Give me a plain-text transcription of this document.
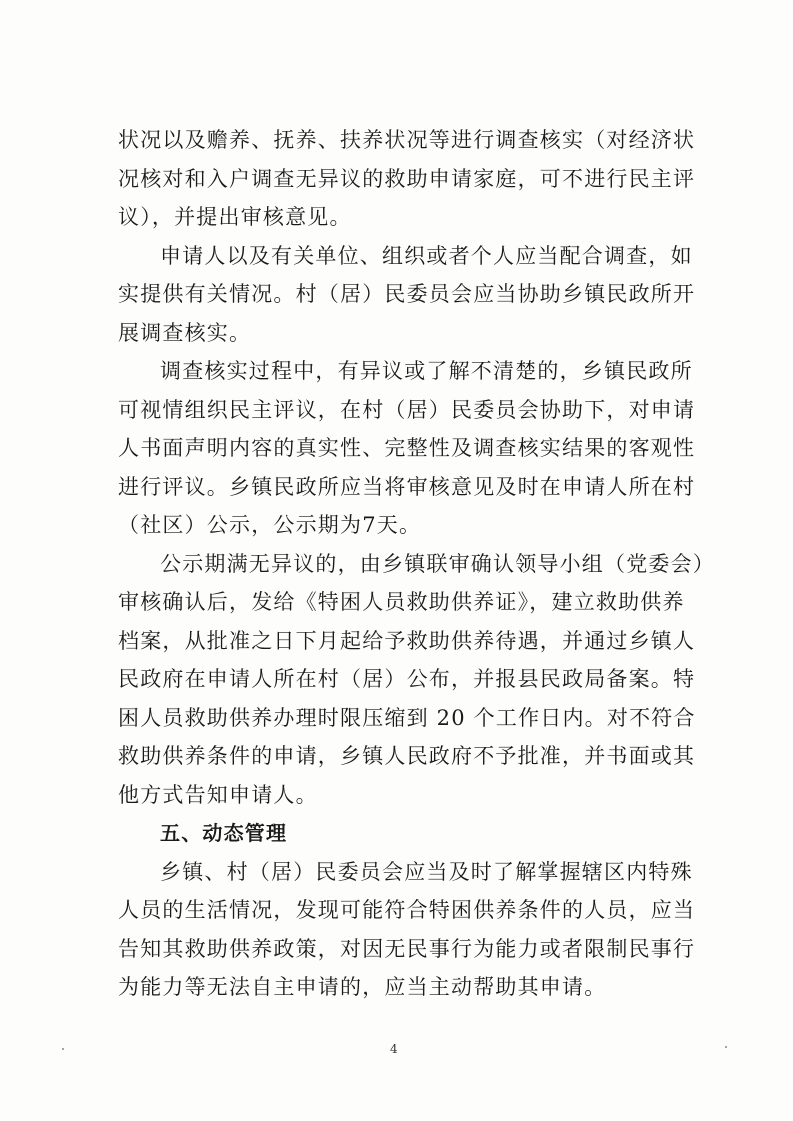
状况以及赡养、抚养、扶养状况等进行调查核实（对经济状
况核对和入户调查无异议的救助申请家庭，可不进行民主评
议），并提出审核意见。
申请人以及有关单位、组织或者个人应当配合调查，如
实提供有关情况。村（居）民委员会应当协助乡镇民政所开
展调查核实。
调查核实过程中，有异议或了解不清楚的，乡镇民政所
可视情组织民主评议，在村（居）民委员会协助下，对申请
人书面声明内容的真实性、完整性及调查核实结果的客观性
进行评议。乡镇民政所应当将审核意见及时在申请人所在村
（社区）公示，公示期为7天。
公示期满无异议的，由乡镇联审确认领导小组（党委会）
审核确认后，发给《特困人员救助供养证》，建立救助供养
档案，从批准之日下月起给予救助供养待遇，并通过乡镇人
民政府在申请人所在村（居）公布，并报县民政局备案。特
困人员救助供养办理时限压缩到 20 个工作日内。对不符合
救助供养条件的申请，乡镇人民政府不予批准，并书面或其
他方式告知申请人。
五、动态管理
乡镇、村（居）民委员会应当及时了解掌握辖区内特殊
人员的生活情况，发现可能符合特困供养条件的人员，应当
告知其救助供养政策，对因无民事行为能力或者限制民事行
为能力等无法自主申请的，应当主动帮助其申请。
4
